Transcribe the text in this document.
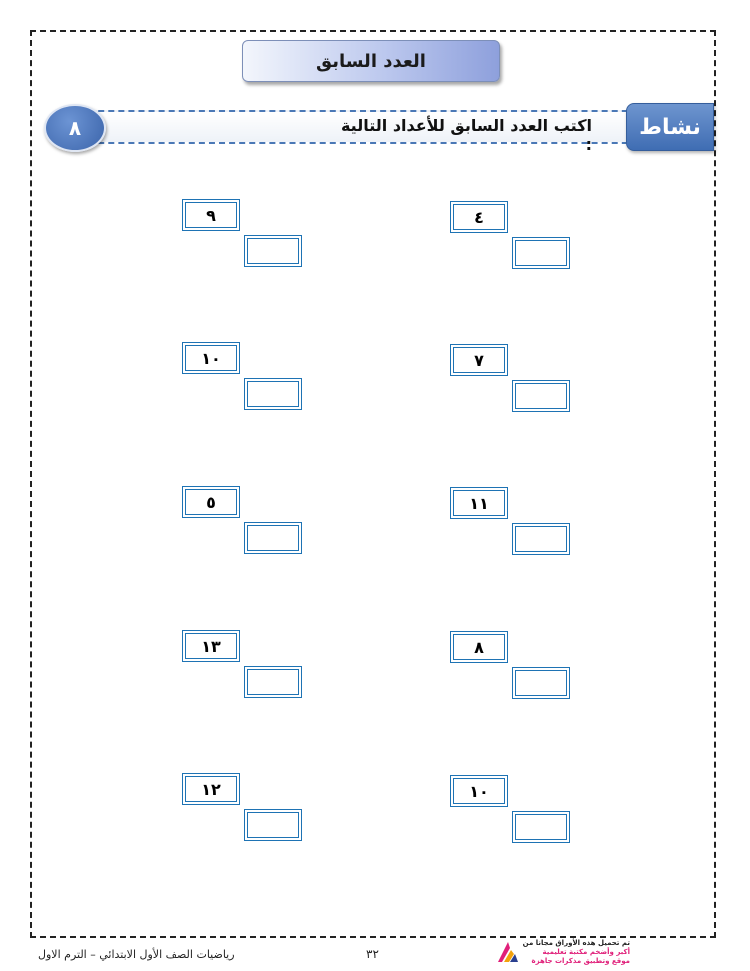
العدد السابق
اكتب العدد السابق للأعداد التالية :
نشاط
٨
٤
٩
٧
١٠
١١
٥
٨
١٣
١٠
١٢
رياضيات الصف الأول الابتدائي – الترم الاول	٣٢
تم تحميل هذه الأوراق مجانا من
أكبر وأضخم مكتبة تعليمية
موقع وتطبيق مذكرات جاهزة
